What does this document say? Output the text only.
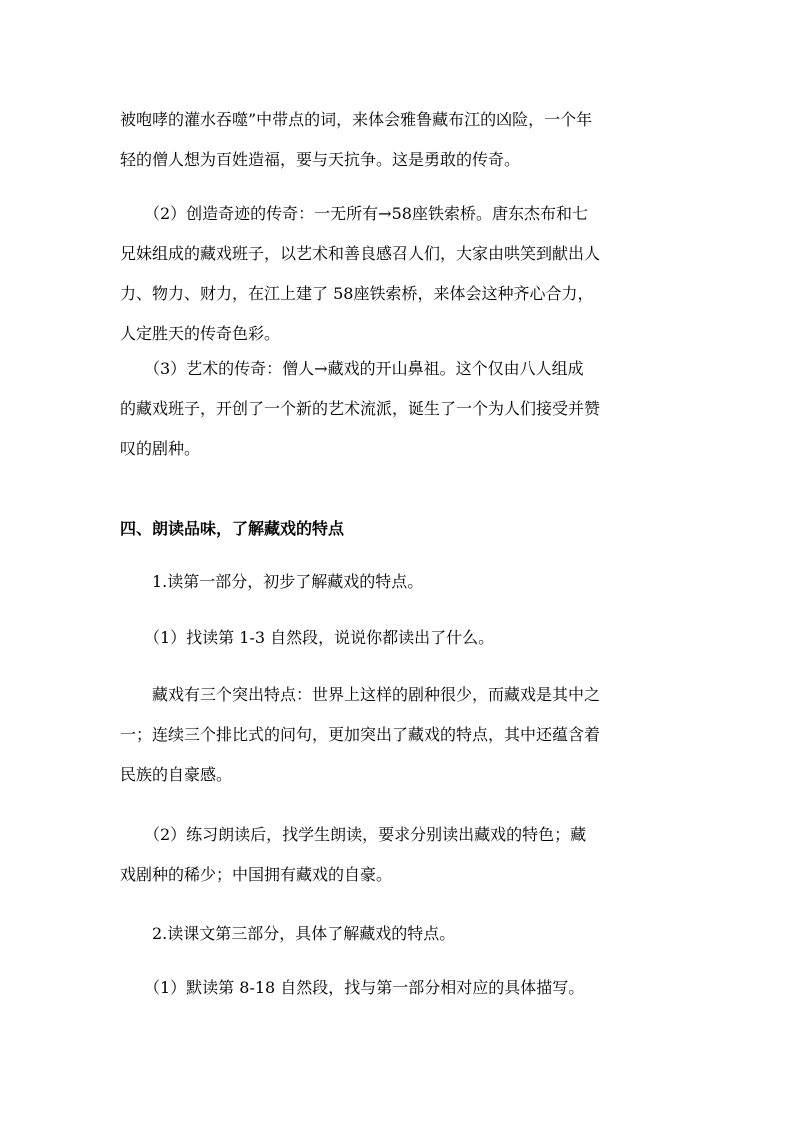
被咆哮的灌水吞噬”中带点的词，来体会雅鲁藏布江的凶险，一个年
轻的僧人想为百姓造福，要与天抗争。这是勇敢的传奇。

　　（2）创造奇迹的传奇：一无所有→58座铁索桥。唐东杰布和七
兄妹组成的藏戏班子，以艺术和善良感召人们，大家由哄笑到献出人
力、物力、财力，在江上建了 58座铁索桥，来体会这种齐心合力，
人定胜天的传奇色彩。

　　（3）艺术的传奇：僧人→藏戏的开山鼻祖。这个仅由八人组成
的藏戏班子，开创了一个新的艺术流派，诞生了一个为人们接受并赞
叹的剧种。

四、朗读品味，了解藏戏的特点

　　1.读第一部分，初步了解藏戏的特点。

　　（1）找读第 1-3 自然段，说说你都读出了什么。

　　藏戏有三个突出特点：世界上这样的剧种很少，而藏戏是其中之
一；连续三个排比式的问句，更加突出了藏戏的特点，其中还蕴含着
民族的自豪感。

　　（2）练习朗读后，找学生朗读，要求分别读出藏戏的特色；藏
戏剧种的稀少；中国拥有藏戏的自豪。

　　2.读课文第三部分，具体了解藏戏的特点。

　　（1）默读第 8-18 自然段，找与第一部分相对应的具体描写。
